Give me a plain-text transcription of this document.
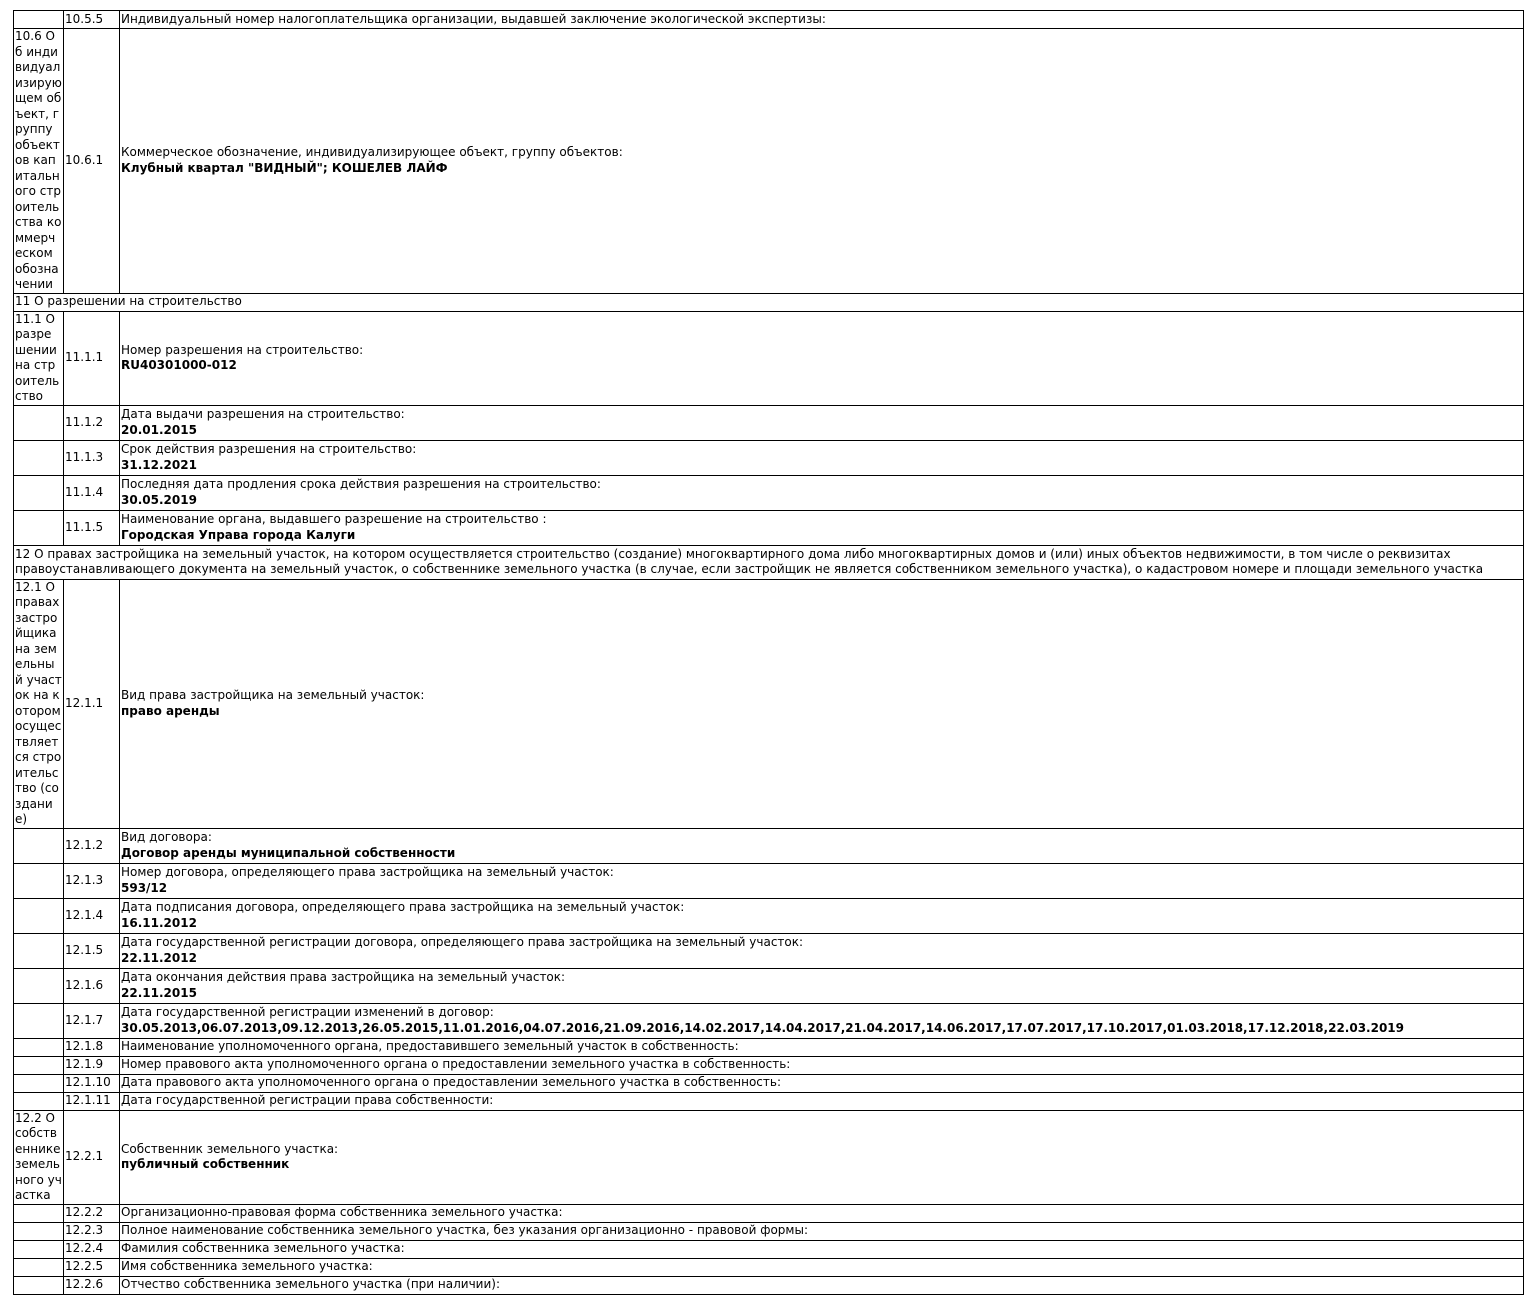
	10.5.5	Индивидуальный номер налогоплательщика организации, выдавшей заключение экологической экспертизы:

10.6 Об индивидуализирующем объект, группу объектов капитального строительства коммерческом обозначении	10.6.1	Коммерческое обозначение, индивидуализирующее объект, группу объектов:
Клубный квартал "ВИДНЫЙ"; КОШЕЛЕВ ЛАЙФ

11 О разрешении на строительство		
11.1 О разрешении на строительство	11.1.1	Номер разрешения на строительство:
RU40301000-012

	11.1.2	Дата выдачи разрешения на строительство:
20.01.2015

	11.1.3	Срок действия разрешения на строительство:
31.12.2021

	11.1.4	Последняя дата продления срока действия разрешения на строительство:
30.05.2019

	11.1.5	Наименование органа, выдавшего разрешение на строительство :
Городская Управа города Калуги

12 О правах застройщика на земельный участок, на котором осуществляется строительство (создание) многоквартирного дома либо многоквартирных домов и (или) иных объектов недвижимости, в том числе о реквизитах правоустанавливающего документа на земельный участок, о собственнике земельного участка (в случае, если застройщик не является собственником земельного участка), о кадастровом номере и площади земельного участка		
12.1 О правах застройщика на земельный участок на котором осуществляется строительство (создание)	12.1.1	Вид права застройщика на земельный участок:
право аренды

	12.1.2	Вид договора:
Договор аренды муниципальной собственности

	12.1.3	Номер договора, определяющего права застройщика на земельный участок:
593/12

	12.1.4	Дата подписания договора, определяющего права застройщика на земельный участок:
16.11.2012

	12.1.5	Дата государственной регистрации договора, определяющего права застройщика на земельный участок:
22.11.2012

	12.1.6	Дата окончания действия права застройщика на земельный участок:
22.11.2015

	12.1.7	Дата государственной регистрации изменений в договор:
30.05.2013,06.07.2013,09.12.2013,26.05.2015,11.01.2016,04.07.2016,21.09.2016,14.02.2017,14.04.2017,21.04.2017,14.06.2017,17.07.2017,17.10.2017,01.03.2018,17.12.2018,22.03.2019

	12.1.8	Наименование уполномоченного органа, предоставившего земельный участок в собственность:

	12.1.9	Номер правового акта уполномоченного органа о предоставлении земельного участка в собственность:

	12.1.10	Дата правового акта уполномоченного органа о предоставлении земельного участка в собственность:

	12.1.11	Дата государственной регистрации права собственности:

12.2 О собственнике земельного участка	12.2.1	Собственник земельного участка:
публичный собственник

	12.2.2	Организационно-правовая форма собственника земельного участка:

	12.2.3	Полное наименование собственника земельного участка, без указания организационно - правовой формы:

	12.2.4	Фамилия собственника земельного участка:

	12.2.5	Имя собственника земельного участка:

	12.2.6	Отчество собственника земельного участка (при наличии):
